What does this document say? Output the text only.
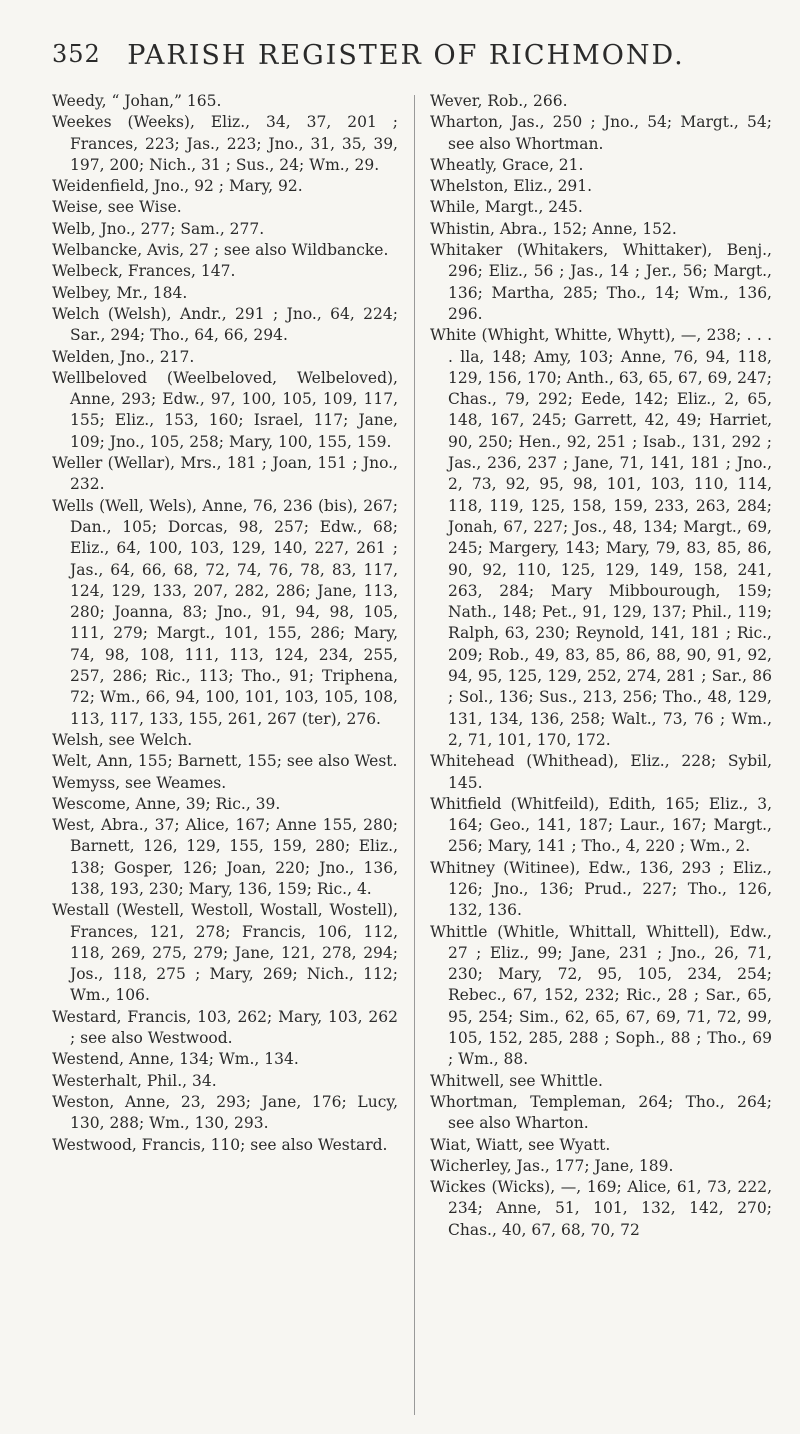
352 PARISH REGISTER OF RICHMOND.

Weedy, “ Johan,” 165.

Weekes (Weeks), Eliz., 34, 37, 201 ; Frances, 223; Jas., 223; Jno., 31, 35, 39, 197, 200; Nich., 31 ; Sus., 24; Wm., 29.

Weidenfield, Jno., 92 ; Mary, 92.

Weise, see Wise.

Welb, Jno., 277; Sam., 277.

Welbancke, Avis, 27 ; see also Wildbancke.

Welbeck, Frances, 147.

Welbey, Mr., 184.

Welch (Welsh), Andr., 291 ; Jno., 64, 224; Sar., 294; Tho., 64, 66, 294.

Welden, Jno., 217.

Wellbeloved (Weelbeloved, Welbeloved), Anne, 293; Edw., 97, 100, 105, 109, 117, 155; Eliz., 153, 160; Israel, 117; Jane, 109; Jno., 105, 258; Mary, 100, 155, 159.

Weller (Wellar), Mrs., 181 ; Joan, 151 ; Jno., 232.

Wells (Well, Wels), Anne, 76, 236 (bis), 267; Dan., 105; Dorcas, 98, 257; Edw., 68; Eliz., 64, 100, 103, 129, 140, 227, 261 ; Jas., 64, 66, 68, 72, 74, 76, 78, 83, 117, 124, 129, 133, 207, 282, 286; Jane, 113, 280; Joanna, 83; Jno., 91, 94, 98, 105, 111, 279; Margt., 101, 155, 286; Mary, 74, 98, 108, 111, 113, 124, 234, 255, 257, 286; Ric., 113; Tho., 91; Triphena, 72; Wm., 66, 94, 100, 101, 103, 105, 108, 113, 117, 133, 155, 261, 267 (ter), 276.

Welsh, see Welch.

Welt, Ann, 155; Barnett, 155; see also West.

Wemyss, see Weames.

Wescome, Anne, 39; Ric., 39.

West, Abra., 37; Alice, 167; Anne 155, 280; Barnett, 126, 129, 155, 159, 280; Eliz., 138; Gosper, 126; Joan, 220; Jno., 136, 138, 193, 230; Mary, 136, 159; Ric., 4.

Westall (Westell, Westoll, Wostall, Wostell), Frances, 121, 278; Francis, 106, 112, 118, 269, 275, 279; Jane, 121, 278, 294; Jos., 118, 275 ; Mary, 269; Nich., 112; Wm., 106.

Westard, Francis, 103, 262; Mary, 103, 262 ; see also Westwood.

Westend, Anne, 134; Wm., 134.

Westerhalt, Phil., 34.

Weston, Anne, 23, 293; Jane, 176; Lucy, 130, 288; Wm., 130, 293.

Westwood, Francis, 110; see also Westard.

Wever, Rob., 266.

Wharton, Jas., 250 ; Jno., 54; Margt., 54; see also Whortman.

Wheatly, Grace, 21.

Whelston, Eliz., 291.

While, Margt., 245.

Whistin, Abra., 152; Anne, 152.

Whitaker (Whitakers, Whittaker), Benj., 296; Eliz., 56 ; Jas., 14 ; Jer., 56; Margt., 136; Martha, 285; Tho., 14; Wm., 136, 296.

White (Whight, Whitte, Whytt), —, 238; . . . . lla, 148; Amy, 103; Anne, 76, 94, 118, 129, 156, 170; Anth., 63, 65, 67, 69, 247; Chas., 79, 292; Eede, 142; Eliz., 2, 65, 148, 167, 245; Garrett, 42, 49; Harriet, 90, 250; Hen., 92, 251 ; Isab., 131, 292 ; Jas., 236, 237 ; Jane, 71, 141, 181 ; Jno., 2, 73, 92, 95, 98, 101, 103, 110, 114, 118, 119, 125, 158, 159, 233, 263, 284; Jonah, 67, 227; Jos., 48, 134; Margt., 69, 245; Margery, 143; Mary, 79, 83, 85, 86, 90, 92, 110, 125, 129, 149, 158, 241, 263, 284; Mary Mibbourough, 159; Nath., 148; Pet., 91, 129, 137; Phil., 119; Ralph, 63, 230; Reynold, 141, 181 ; Ric., 209; Rob., 49, 83, 85, 86, 88, 90, 91, 92, 94, 95, 125, 129, 252, 274, 281 ; Sar., 86 ; Sol., 136; Sus., 213, 256; Tho., 48, 129, 131, 134, 136, 258; Walt., 73, 76 ; Wm., 2, 71, 101, 170, 172.

Whitehead (Whithead), Eliz., 228; Sybil, 145.

Whitfield (Whitfeild), Edith, 165; Eliz., 3, 164; Geo., 141, 187; Laur., 167; Margt., 256; Mary, 141 ; Tho., 4, 220 ; Wm., 2.

Whitney (Witinee), Edw., 136, 293 ; Eliz., 126; Jno., 136; Prud., 227; Tho., 126, 132, 136.

Whittle (Whitle, Whittall, Whittell), Edw., 27 ; Eliz., 99; Jane, 231 ; Jno., 26, 71, 230; Mary, 72, 95, 105, 234, 254; Rebec., 67, 152, 232; Ric., 28 ; Sar., 65, 95, 254; Sim., 62, 65, 67, 69, 71, 72, 99, 105, 152, 285, 288 ; Soph., 88 ; Tho., 69 ; Wm., 88.

Whitwell, see Whittle.

Whortman, Templeman, 264; Tho., 264; see also Wharton.

Wiat, Wiatt, see Wyatt.

Wicherley, Jas., 177; Jane, 189.

Wickes (Wicks), —, 169; Alice, 61, 73, 222, 234; Anne, 51, 101, 132, 142, 270; Chas., 40, 67, 68, 70, 72
